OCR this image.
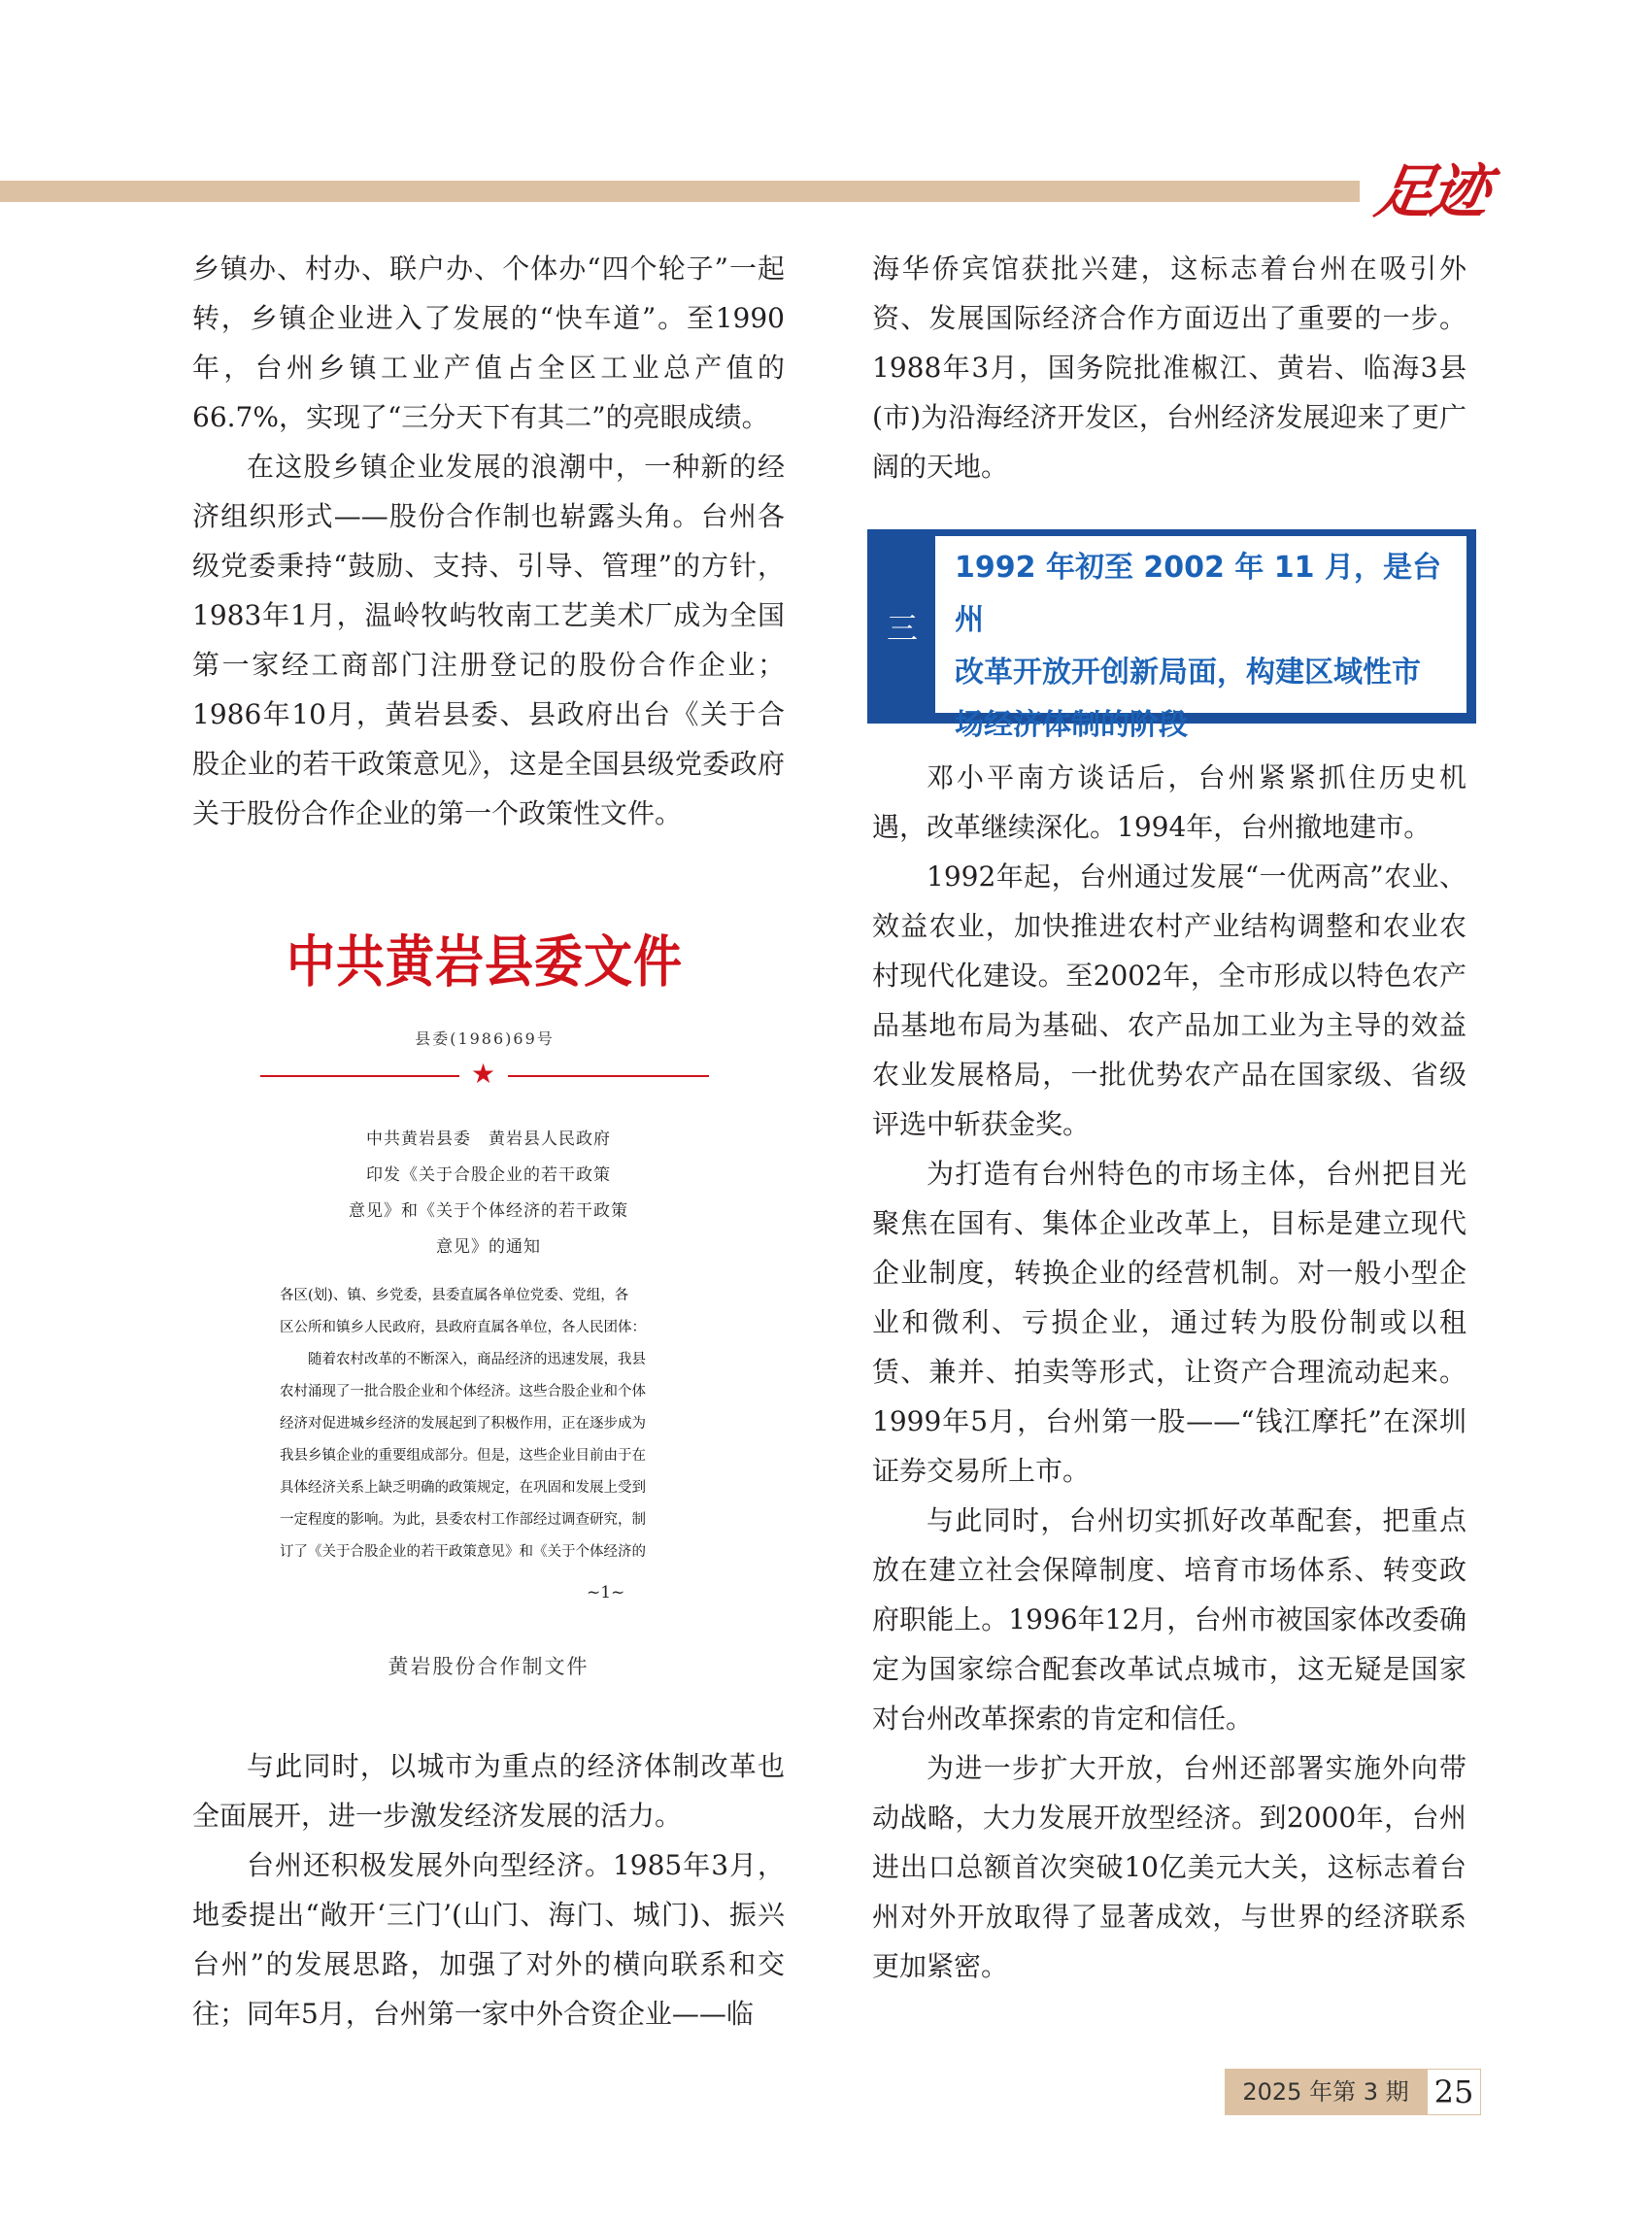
足迹

乡镇办、村办、联户办、个体办“四个轮子”一起转，乡镇企业进入了发展的“快车道”。至1990年，台州乡镇工业产值占全区工业总产值的66.7%，实现了“三分天下有其二”的亮眼成绩。

在这股乡镇企业发展的浪潮中，一种新的经济组织形式——股份合作制也崭露头角。台州各级党委秉持“鼓励、支持、引导、管理”的方针，1983年1月，温岭牧屿牧南工艺美术厂成为全国第一家经工商部门注册登记的股份合作企业；1986年10月，黄岩县委、县政府出台《关于合股企业的若干政策意见》，这是全国县级党委政府关于股份合作企业的第一个政策性文件。

中共黄岩县委文件
县委(1986)69号
★
中共黄岩县委　黄岩县人民政府
印发《关于合股企业的若干政策
意见》和《关于个体经济的若干政策
意见》的通知

各区(划)、镇、乡党委，县委直属各单位党委、党组，各

区公所和镇乡人民政府，县政府直属各单位，各人民团体：

随着农村改革的不断深入，商品经济的迅速发展，我县

农村涌现了一批合股企业和个体经济。这些合股企业和个体

经济对促进城乡经济的发展起到了积极作用，正在逐步成为

我县乡镇企业的重要组成部分。但是，这些企业目前由于在

具体经济关系上缺乏明确的政策规定，在巩固和发展上受到

一定程度的影响。为此，县委农村工作部经过调查研究，制

订了《关于合股企业的若干政策意见》和《关于个体经济的

~1~
黄岩股份合作制文件

与此同时，以城市为重点的经济体制改革也全面展开，进一步激发经济发展的活力。

台州还积极发展外向型经济。1985年3月，地委提出“敞开‘三门’(山门、海门、城门)、振兴台州”的发展思路，加强了对外的横向联系和交往；同年5月，台州第一家中外合资企业——临

海华侨宾馆获批兴建，这标志着台州在吸引外资、发展国际经济合作方面迈出了重要的一步。1988年3月，国务院批准椒江、黄岩、临海3县(市)为沿海经济开发区，台州经济发展迎来了更广阔的天地。

三

1992 年初至 2002 年 11 月，是台州

改革开放开创新局面，构建区域性市

场经济体制的阶段

邓小平南方谈话后，台州紧紧抓住历史机遇，改革继续深化。1994年，台州撤地建市。

1992年起，台州通过发展“一优两高”农业、效益农业，加快推进农村产业结构调整和农业农村现代化建设。至2002年，全市形成以特色农产品基地布局为基础、农产品加工业为主导的效益农业发展格局，一批优势农产品在国家级、省级评选中斩获金奖。

为打造有台州特色的市场主体，台州把目光聚焦在国有、集体企业改革上，目标是建立现代企业制度，转换企业的经营机制。对一般小型企业和微利、亏损企业，通过转为股份制或以租赁、兼并、拍卖等形式，让资产合理流动起来。1999年5月，台州第一股——“钱江摩托”在深圳证券交易所上市。

与此同时，台州切实抓好改革配套，把重点放在建立社会保障制度、培育市场体系、转变政府职能上。1996年12月，台州市被国家体改委确定为国家综合配套改革试点城市，这无疑是国家对台州改革探索的肯定和信任。

为进一步扩大开放，台州还部署实施外向带动战略，大力发展开放型经济。到2000年，台州进出口总额首次突破10亿美元大关，这标志着台州对外开放取得了显著成效，与世界的经济联系更加紧密。

2025 年第 3 期 25
